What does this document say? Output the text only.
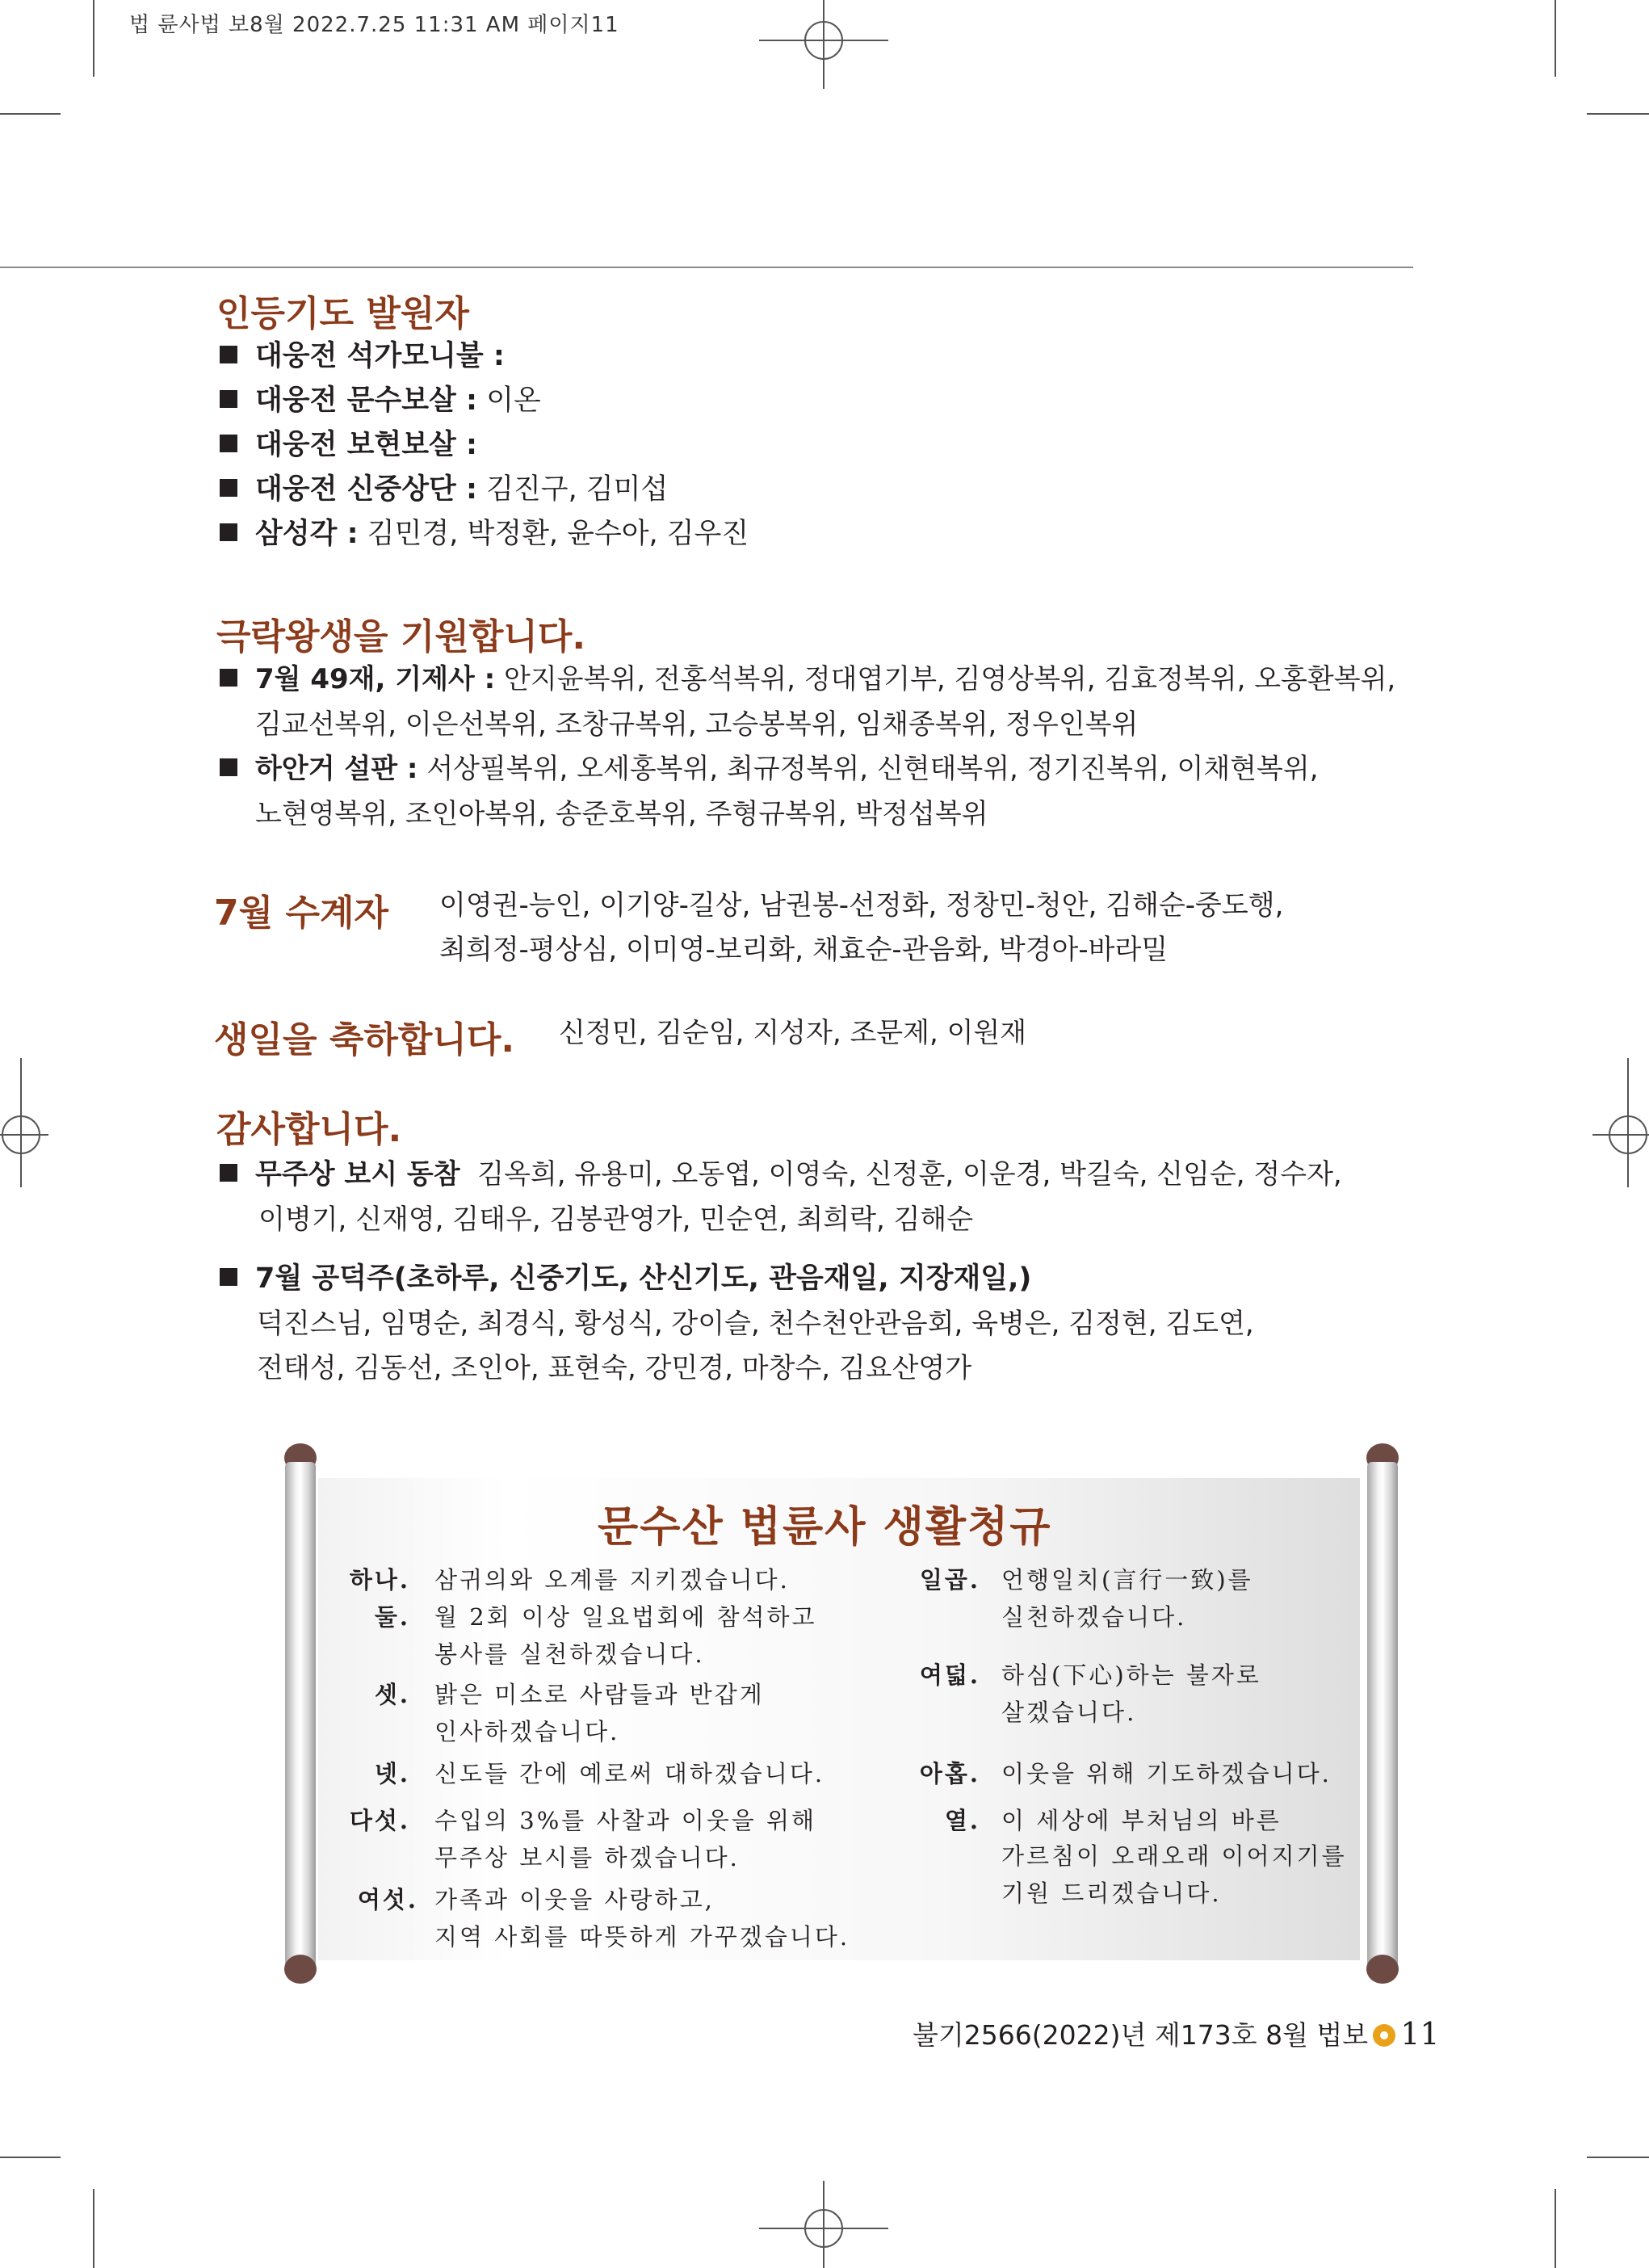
법 륜사법 보8월 2022.7.25 11:31 AM 페이지11
인등기도 발원자
대웅전 석가모니불 :
대웅전 문수보살 : 이온
대웅전 보현보살 :
대웅전 신중상단 : 김진구, 김미섭
삼성각 : 김민경, 박정환, 윤수아, 김우진
극락왕생을 기원합니다.
7월 49재, 기제사 : 안지윤복위, 전홍석복위, 정대엽기부, 김영상복위, 김효정복위, 오홍환복위,
김교선복위, 이은선복위, 조창규복위, 고승봉복위, 임채종복위, 정우인복위
하안거 설판 : 서상필복위, 오세홍복위, 최규정복위, 신현태복위, 정기진복위, 이채현복위,
노현영복위, 조인아복위, 송준호복위, 주형규복위, 박정섭복위
7월 수계자 이영권-능인, 이기양-길상, 남권봉-선정화, 정창민-청안, 김해순-중도행,
최희정-평상심, 이미영-보리화, 채효순-관음화, 박경아-바라밀
생일을 축하합니다. 신정민, 김순임, 지성자, 조문제, 이원재
감사합니다.
무주상 보시 동참 김옥희, 유용미, 오동엽, 이영숙, 신정훈, 이운경, 박길숙, 신임순, 정수자,
이병기, 신재영, 김태우, 김봉관영가, 민순연, 최희락, 김해순
7월 공덕주(초하루, 신중기도, 산신기도, 관음재일, 지장재일,)
덕진스님, 임명순, 최경식, 황성식, 강이슬, 천수천안관음회, 육병은, 김정현, 김도연,
전태성, 김동선, 조인아, 표현숙, 강민경, 마창수, 김요산영가
문수산 법륜사 생활청규
하나. 삼귀의와 오계를 지키겠습니다.
둘. 월 2회 이상 일요법회에 참석하고
봉사를 실천하겠습니다.
셋. 밝은 미소로 사람들과 반갑게
인사하겠습니다.
넷. 신도들 간에 예로써 대하겠습니다.
다섯. 수입의 3%를 사찰과 이웃을 위해
무주상 보시를 하겠습니다.
여섯. 가족과 이웃을 사랑하고,
지역 사회를 따뜻하게 가꾸겠습니다.
일곱. 언행일치(言行一致)를
실천하겠습니다.
여덟. 하심(下心)하는 불자로
살겠습니다.
아홉. 이웃을 위해 기도하겠습니다.
열. 이 세상에 부처님의 바른
가르침이 오래오래 이어지기를
기원 드리겠습니다.
불기2566(2022)년 제173호 8월 법보 11
